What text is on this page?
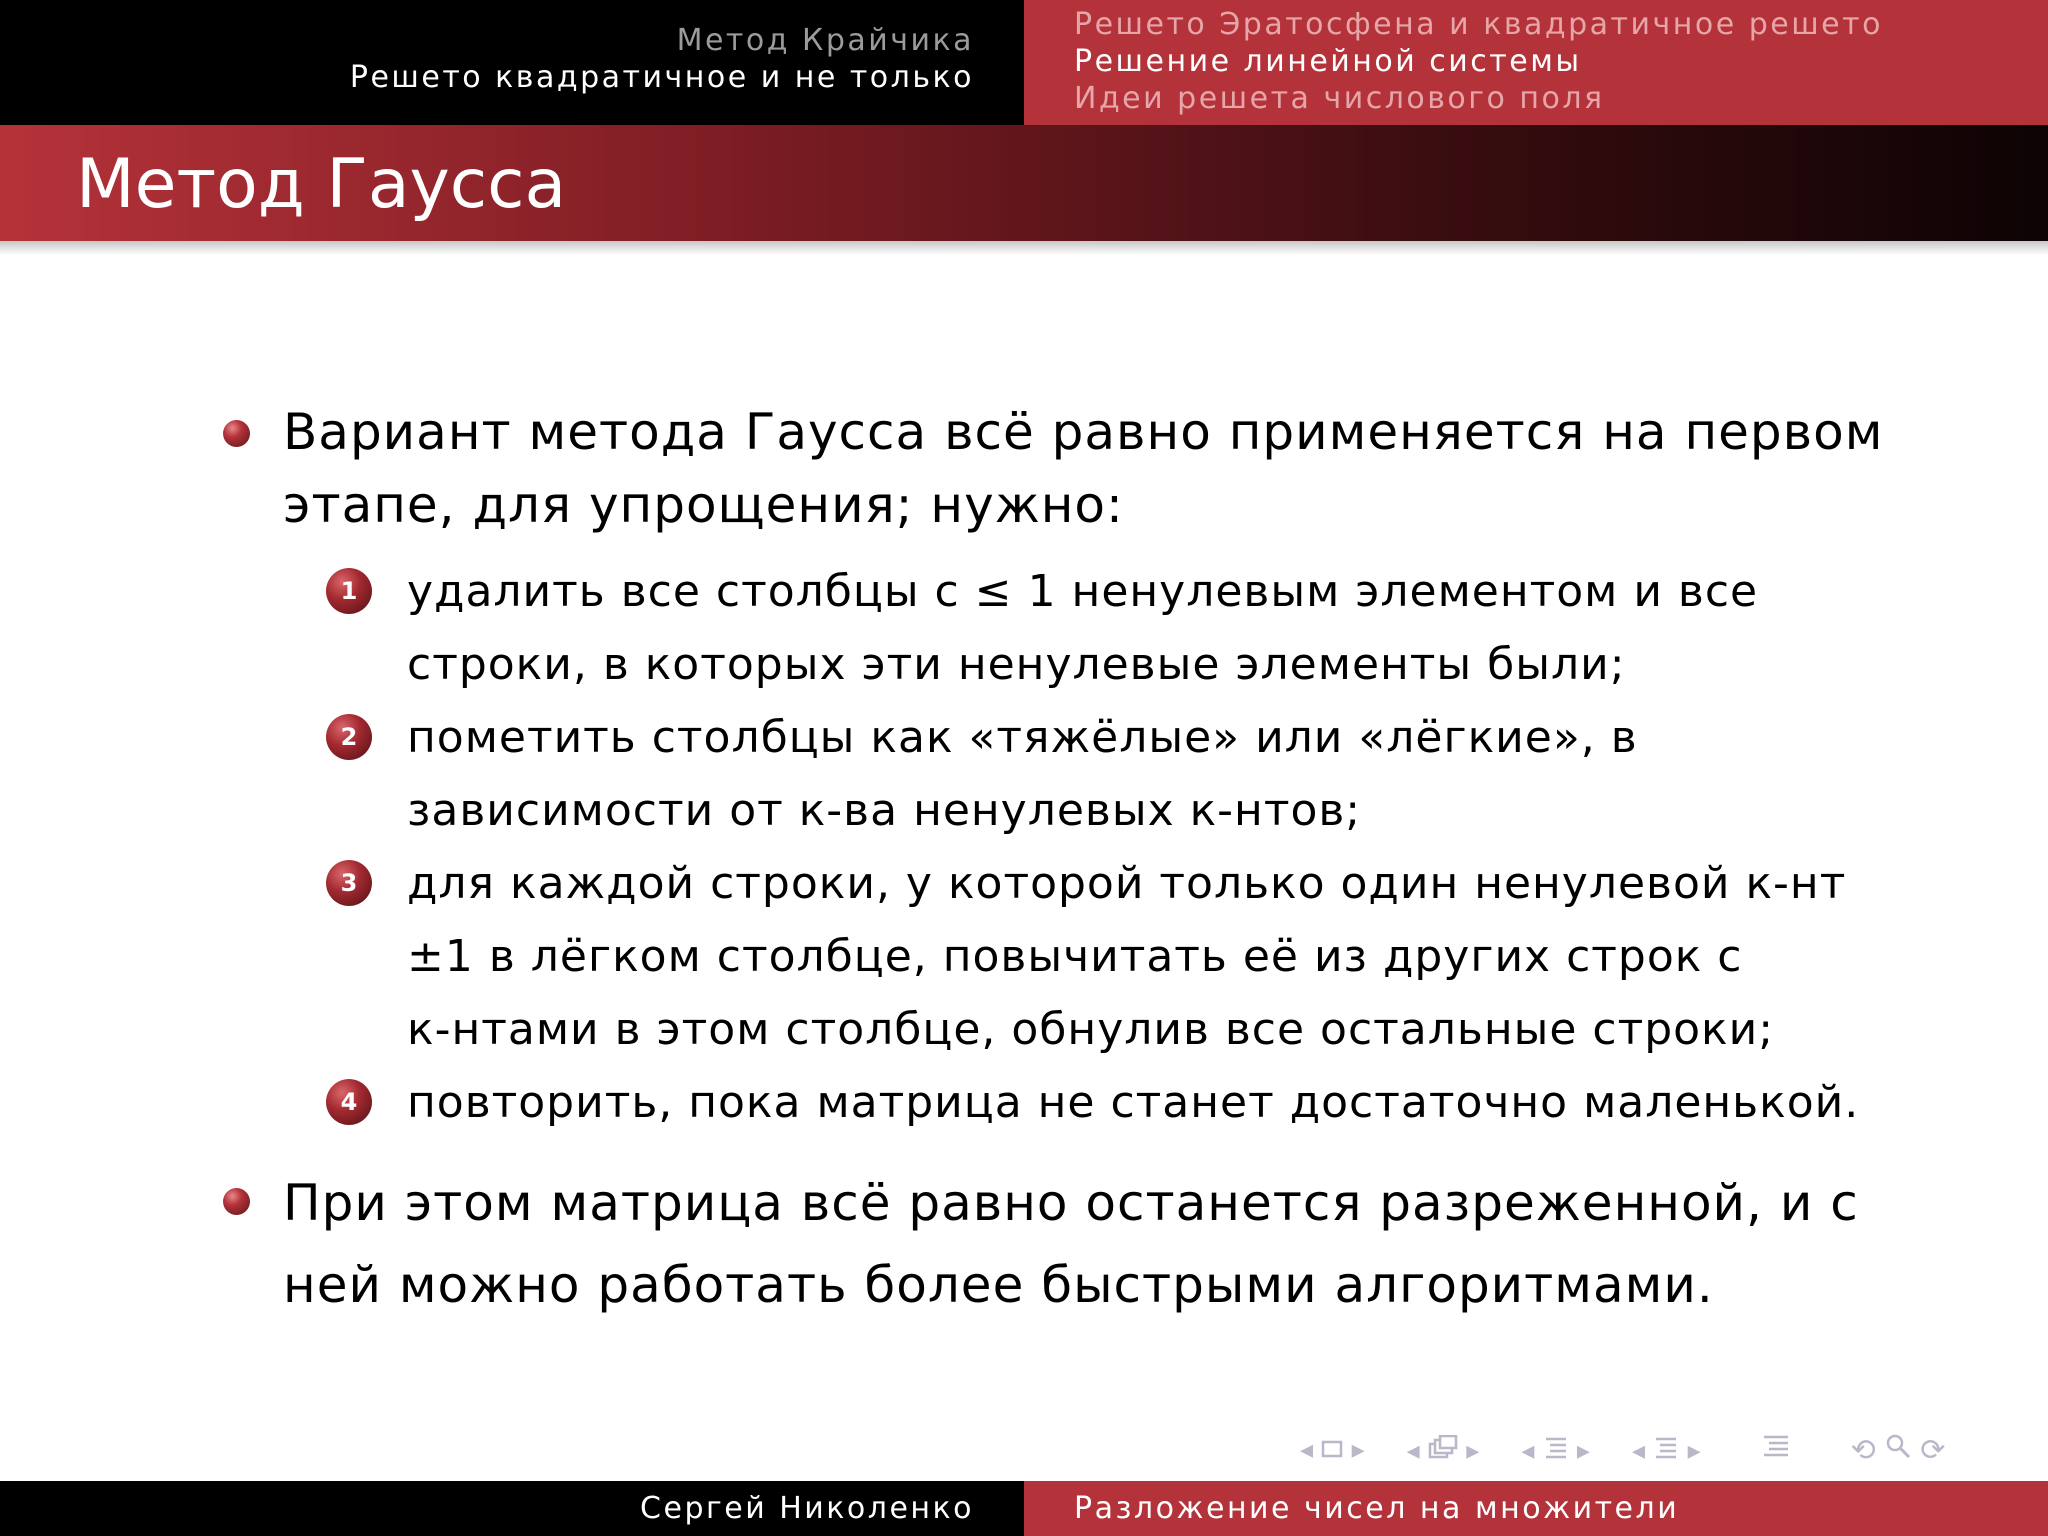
Метод Крайчика
Решето квадратичное и не только
Решето Эратосфена и квадратичное решето
Решение линейной системы
Идеи решета числового поля
Метод Гаусса
Вариант метода Гаусса всё равно применяется на первом
этапе, для упрощения; нужно:
1	удалить все столбцы с ≤ 1 ненулевым элементом и все
строки, в которых эти ненулевые элементы были;
2	пометить столбцы как «тяжёлые» или «лёгкие», в
зависимости от к-ва ненулевых к-нтов;
3	для каждой строки, у которой только один ненулевой к-нт
±1 в лёгком столбце, повычитать её из других строк с
к-нтами в этом столбце, обнулив все остальные строки;
4	повторить, пока матрица не станет достаточно маленькой.
При этом матрица всё равно останется разреженной, и с
ней можно работать более быстрыми алгоритмами.
◂ ▸ ◂ ▸ ◂ ▸ ◂ ▸	⟲ ⟳
Сергей Николенко	Разложение чисел на множители
